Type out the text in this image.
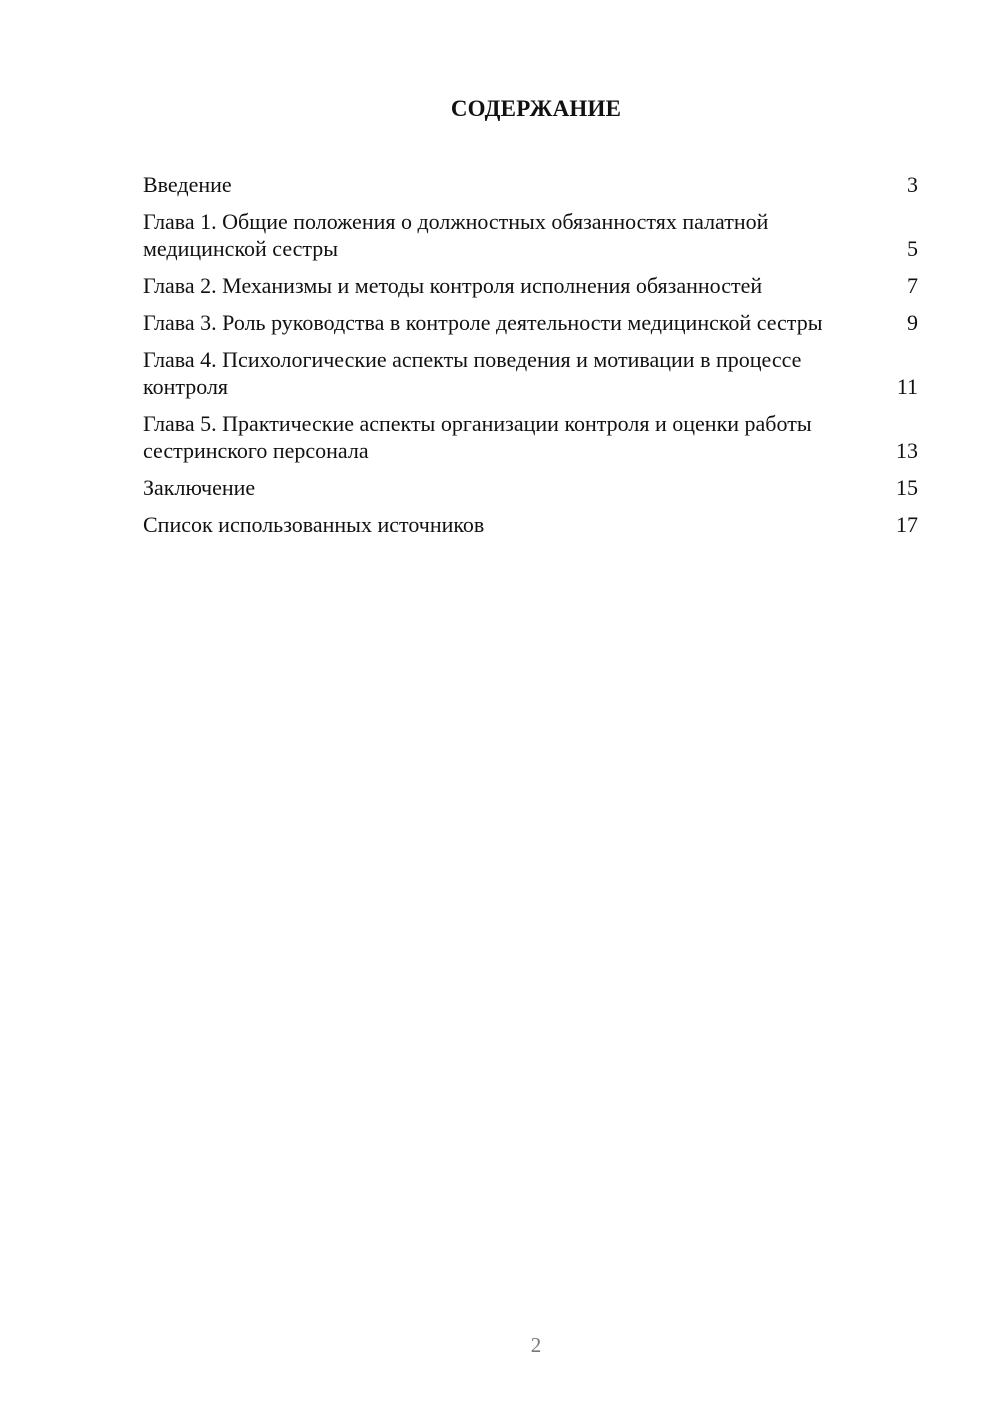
СОДЕРЖАНИЕ
Введение	3
Глава 1. Общие положения о должностных обязанностях палатной медицинской сестры	5
Глава 2. Механизмы и методы контроля исполнения обязанностей	7
Глава 3. Роль руководства в контроле деятельности медицинской сестры	9
Глава 4. Психологические аспекты поведения и мотивации в процессе контроля	11
Глава 5. Практические аспекты организации контроля и оценки работы сестринского персонала	13
Заключение	15
Список использованных источников	17
2
